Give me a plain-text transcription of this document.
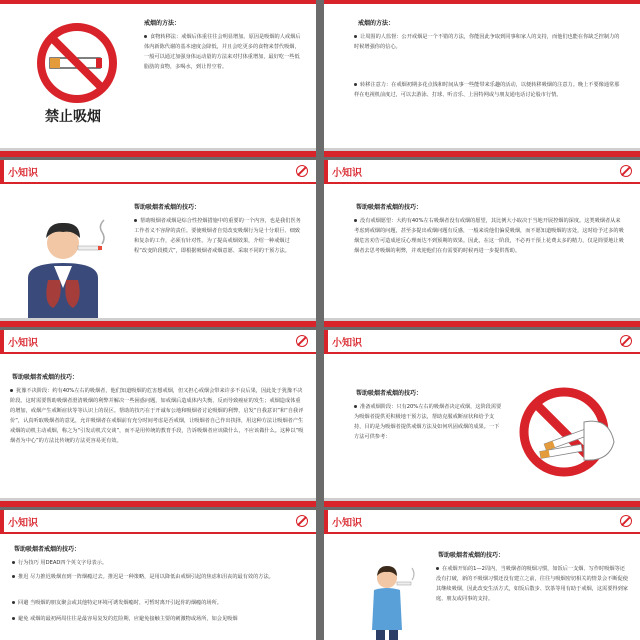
禁止吸烟
戒烟的方法：
食物转移法：戒烟后体重往往会明显增加。原因是吸烟的人戒烟后体内新陈代谢的基本速度会降低，并且会吃更多的食物来替代吸烟，一般可以通过加强身体运动量的方法来对付体重增加，最好吃一些低脂肪的食物，多喝水，到让胃空着。
戒烟的方法：
让周围的人监督：公开戒烟是一个不错的方法，你能因此争取到同事和家人的支持，而他们也能在你缺乏控制力的时候增强你的信心。
转移注意力：在戒烟初期多花点钱和时间从事一些能带来乐趣的活动，以便转移吸烟的注意力。晚上不要像通常那样在电视机前度过，可以去游泳、打球、听音乐、上因特网或与朋友通电话讨论股市行情。
小知识
帮助吸烟者戒烟的技巧：
帮助吸烟者戒烟是综合性控烟措施中的重要的一个内容，也是我们医务工作者义不容辞的责任。要使吸烟者自觉改变吸烟行为是十分艰巨、细致和复杂的工作，必须有针对性。为了提高戒烟效果，介绍一种戒烟过程“改变阶段模式”，即根据吸烟者戒烟意愿、采取不同的干预方法。
小知识
帮助吸烟者戒烟的技巧：
没有戒烟愿望：大约有40%左右吸烟者没有戒烟的愿望，其比例大小取决于当地开展控烟的深度。这类吸烟者从来考虑到戒烟的问题，甚至多提出戒烟问题有反感，一般来说他们偏爱吸烟，而不愿知道吸烟的害处，这时给予过多的吸烟危害劝告可造成逆反心理而达不到预期的效果。因此，在这一阶段，不必再干预上花费太多的精力，仅是简要地让吸烟者去思考吸烟的利弊，并欢迎他们在有需要的时候再进一步提供帮助。
小知识
帮助吸烟者戒烟的技巧：
犹豫不决阶段：约有40%左右的吸烟者，他们知道吸烟的危害想戒烟，但又担心戒烟会带来许多不良后果，因此处于犹豫不决阶段。这时需要帮助吸烟者澄清吸烟的利弊并解决一些困惑问题，如戒烟后造成体内失衡、反而导致癌症的发生；戒烟造成体重的增加，戒烟产生戒断症状等等认识上的误区。帮助的技巧在于开诚布公地和吸烟者讨论吸烟的利弊，启发“自我意识”和“自我评价”，认真听取吸烟者的意见，允许吸烟者在戒烟前有充分时间考虑是否戒烟，让吸烟者自己作出抉择，用这种方法让吸烟者产生戒烟的动机主动戒烟，称之为“引发动机式交谈”，而不是用传统的教育手段，告诉吸烟者应该做什么，不应该做什么。这种以“吸烟者为中心”的方法比传统的方法更容易更有效。
小知识
帮助吸烟者戒烟的技巧：
准备戒烟阶段：只有20%左右的吸烟者决定戒烟，这阶段需要为吸烟者提供更积极地干预方法，帮助克服戒断症状和给予支持，目的是为吸烟者提供戒烟方法及如何巩固戒烟的成果。一下方法可供参考：
小知识
帮助吸烟者戒烟的技巧：
行为技巧 用DEAD四个英文字母表示。
推迟 尽力推迟吸烟直到一阵烟瘾过去。推迟是一种策略，是用以降低由戒烟引起的焦虑和沮丧的最有效的方法。
回避 当吸烟的朋友聚会或其他特定环境可诱发烟瘾时，可暂时离开引起你的烟瘾的场所。
避免 戒烟的最初两周往往是最容易复发的危险期，应避免接触主要的刺激物或场所，如会见吸烟
小知识
帮助吸烟者戒烟的技巧：
在戒烟开始的1—2周内，当吸烟者的吸烟习惯，如饭后一支烟、写作时吸烟等还没有打破，新的不吸烟习惯还没有建立之前，往往与吸烟密切相关的情景会不断促使其继续吸烟，因此改变生活方式，如饭后散步、饮茶等用有助于戒烟，这需要得到家庭、朋友或同事的支持。
